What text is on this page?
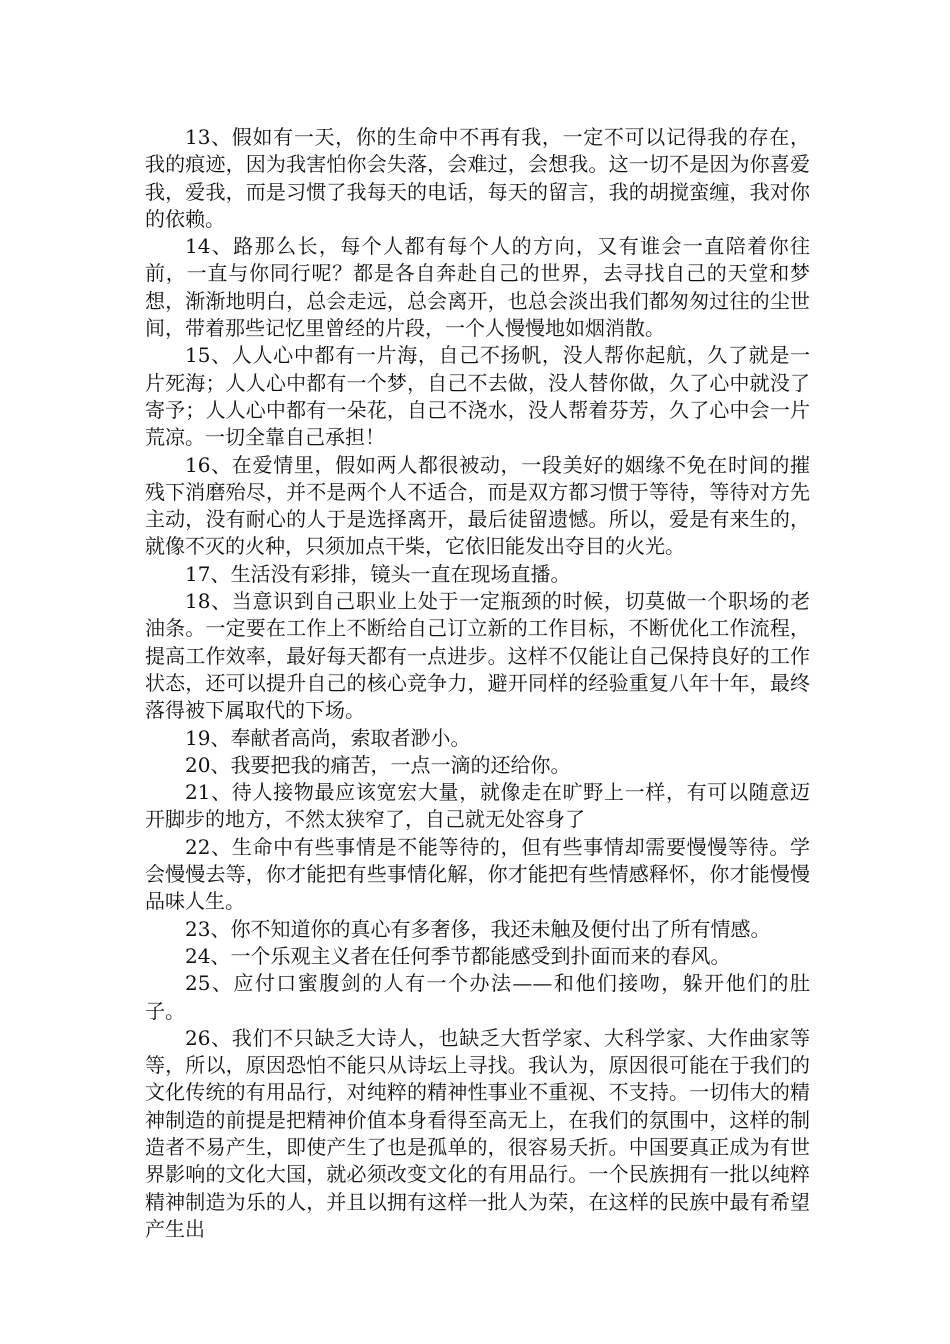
13、假如有一天，你的生命中不再有我，一定不可以记得我的存在，我的痕迹，因为我害怕你会失落，会难过，会想我。这一切不是因为你喜爱我，爱我，而是习惯了我每天的电话，每天的留言，我的胡搅蛮缠，我对你的依赖。

14、路那么长，每个人都有每个人的方向，又有谁会一直陪着你往前，一直与你同行呢？都是各自奔赴自己的世界，去寻找自己的天堂和梦想，渐渐地明白，总会走远，总会离开，也总会淡出我们都匆匆过往的尘世间，带着那些记忆里曾经的片段，一个人慢慢地如烟消散。

15、人人心中都有一片海，自己不扬帆，没人帮你起航，久了就是一片死海；人人心中都有一个梦，自己不去做，没人替你做，久了心中就没了寄予；人人心中都有一朵花，自己不浇水，没人帮着芬芳，久了心中会一片荒凉。一切全靠自己承担！

16、在爱情里，假如两人都很被动，一段美好的姻缘不免在时间的摧残下消磨殆尽，并不是两个人不适合，而是双方都习惯于等待，等待对方先主动，没有耐心的人于是选择离开，最后徒留遗憾。所以，爱是有来生的，就像不灭的火种，只须加点干柴，它依旧能发出夺目的火光。

17、生活没有彩排，镜头一直在现场直播。

18、当意识到自己职业上处于一定瓶颈的时候，切莫做一个职场的老油条。一定要在工作上不断给自己订立新的工作目标，不断优化工作流程，提高工作效率，最好每天都有一点进步。这样不仅能让自己保持良好的工作状态，还可以提升自己的核心竞争力，避开同样的经验重复八年十年，最终落得被下属取代的下场。

19、奉献者高尚，索取者渺小。

20、我要把我的痛苦，一点一滴的还给你。

21、待人接物最应该宽宏大量，就像走在旷野上一样，有可以随意迈开脚步的地方，不然太狭窄了，自己就无处容身了

22、生命中有些事情是不能等待的，但有些事情却需要慢慢等待。学会慢慢去等，你才能把有些事情化解，你才能把有些情感释怀，你才能慢慢品味人生。

23、你不知道你的真心有多奢侈，我还未触及便付出了所有情感。

24、一个乐观主义者在任何季节都能感受到扑面而来的春风。

25、应付口蜜腹剑的人有一个办法——和他们接吻，躲开他们的肚子。

26、我们不只缺乏大诗人，也缺乏大哲学家、大科学家、大作曲家等等，所以，原因恐怕不能只从诗坛上寻找。我认为，原因很可能在于我们的文化传统的有用品行，对纯粹的精神性事业不重视、不支持。一切伟大的精神制造的前提是把精神价值本身看得至高无上，在我们的氛围中，这样的制造者不易产生，即使产生了也是孤单的，很容易夭折。中国要真正成为有世界影响的文化大国，就必须改变文化的有用品行。一个民族拥有一批以纯粹精神制造为乐的人，并且以拥有这样一批人为荣，在这样的民族中最有希望产生出
